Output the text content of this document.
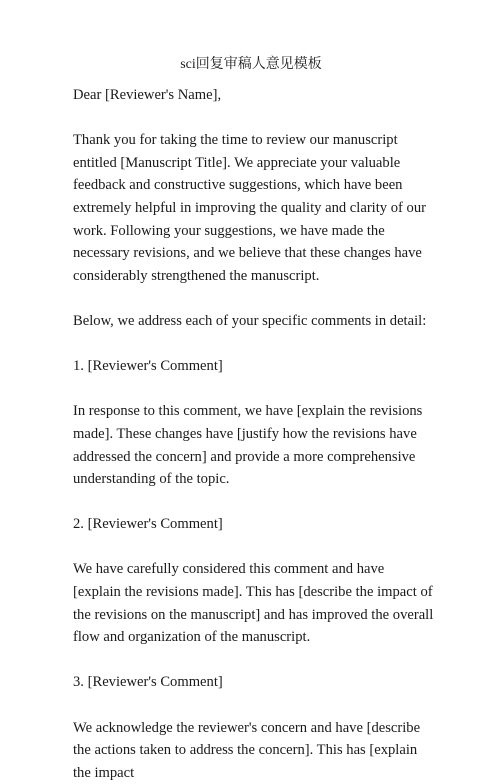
sci回复审稿人意见模板

Dear [Reviewer's Name],

Thank you for taking the time to review our manuscript entitled [Manuscript Title]. We appreciate your valuable feedback and constructive suggestions, which have been extremely helpful in improving the quality and clarity of our work. Following your suggestions, we have made the necessary revisions, and we believe that these changes have considerably strengthened the manuscript.

Below, we address each of your specific comments in detail:

1. [Reviewer's Comment]

In response to this comment, we have [explain the revisions made]. These changes have [justify how the revisions have addressed the concern] and provide a more comprehensive understanding of the topic.

2. [Reviewer's Comment]

We have carefully considered this comment and have [explain the revisions made]. This has [describe the impact of the revisions on the manuscript] and has improved the overall flow and organization of the manuscript.

3. [Reviewer's Comment]

We acknowledge the reviewer's concern and have [describe the actions taken to address the concern]. This has [explain the impact
